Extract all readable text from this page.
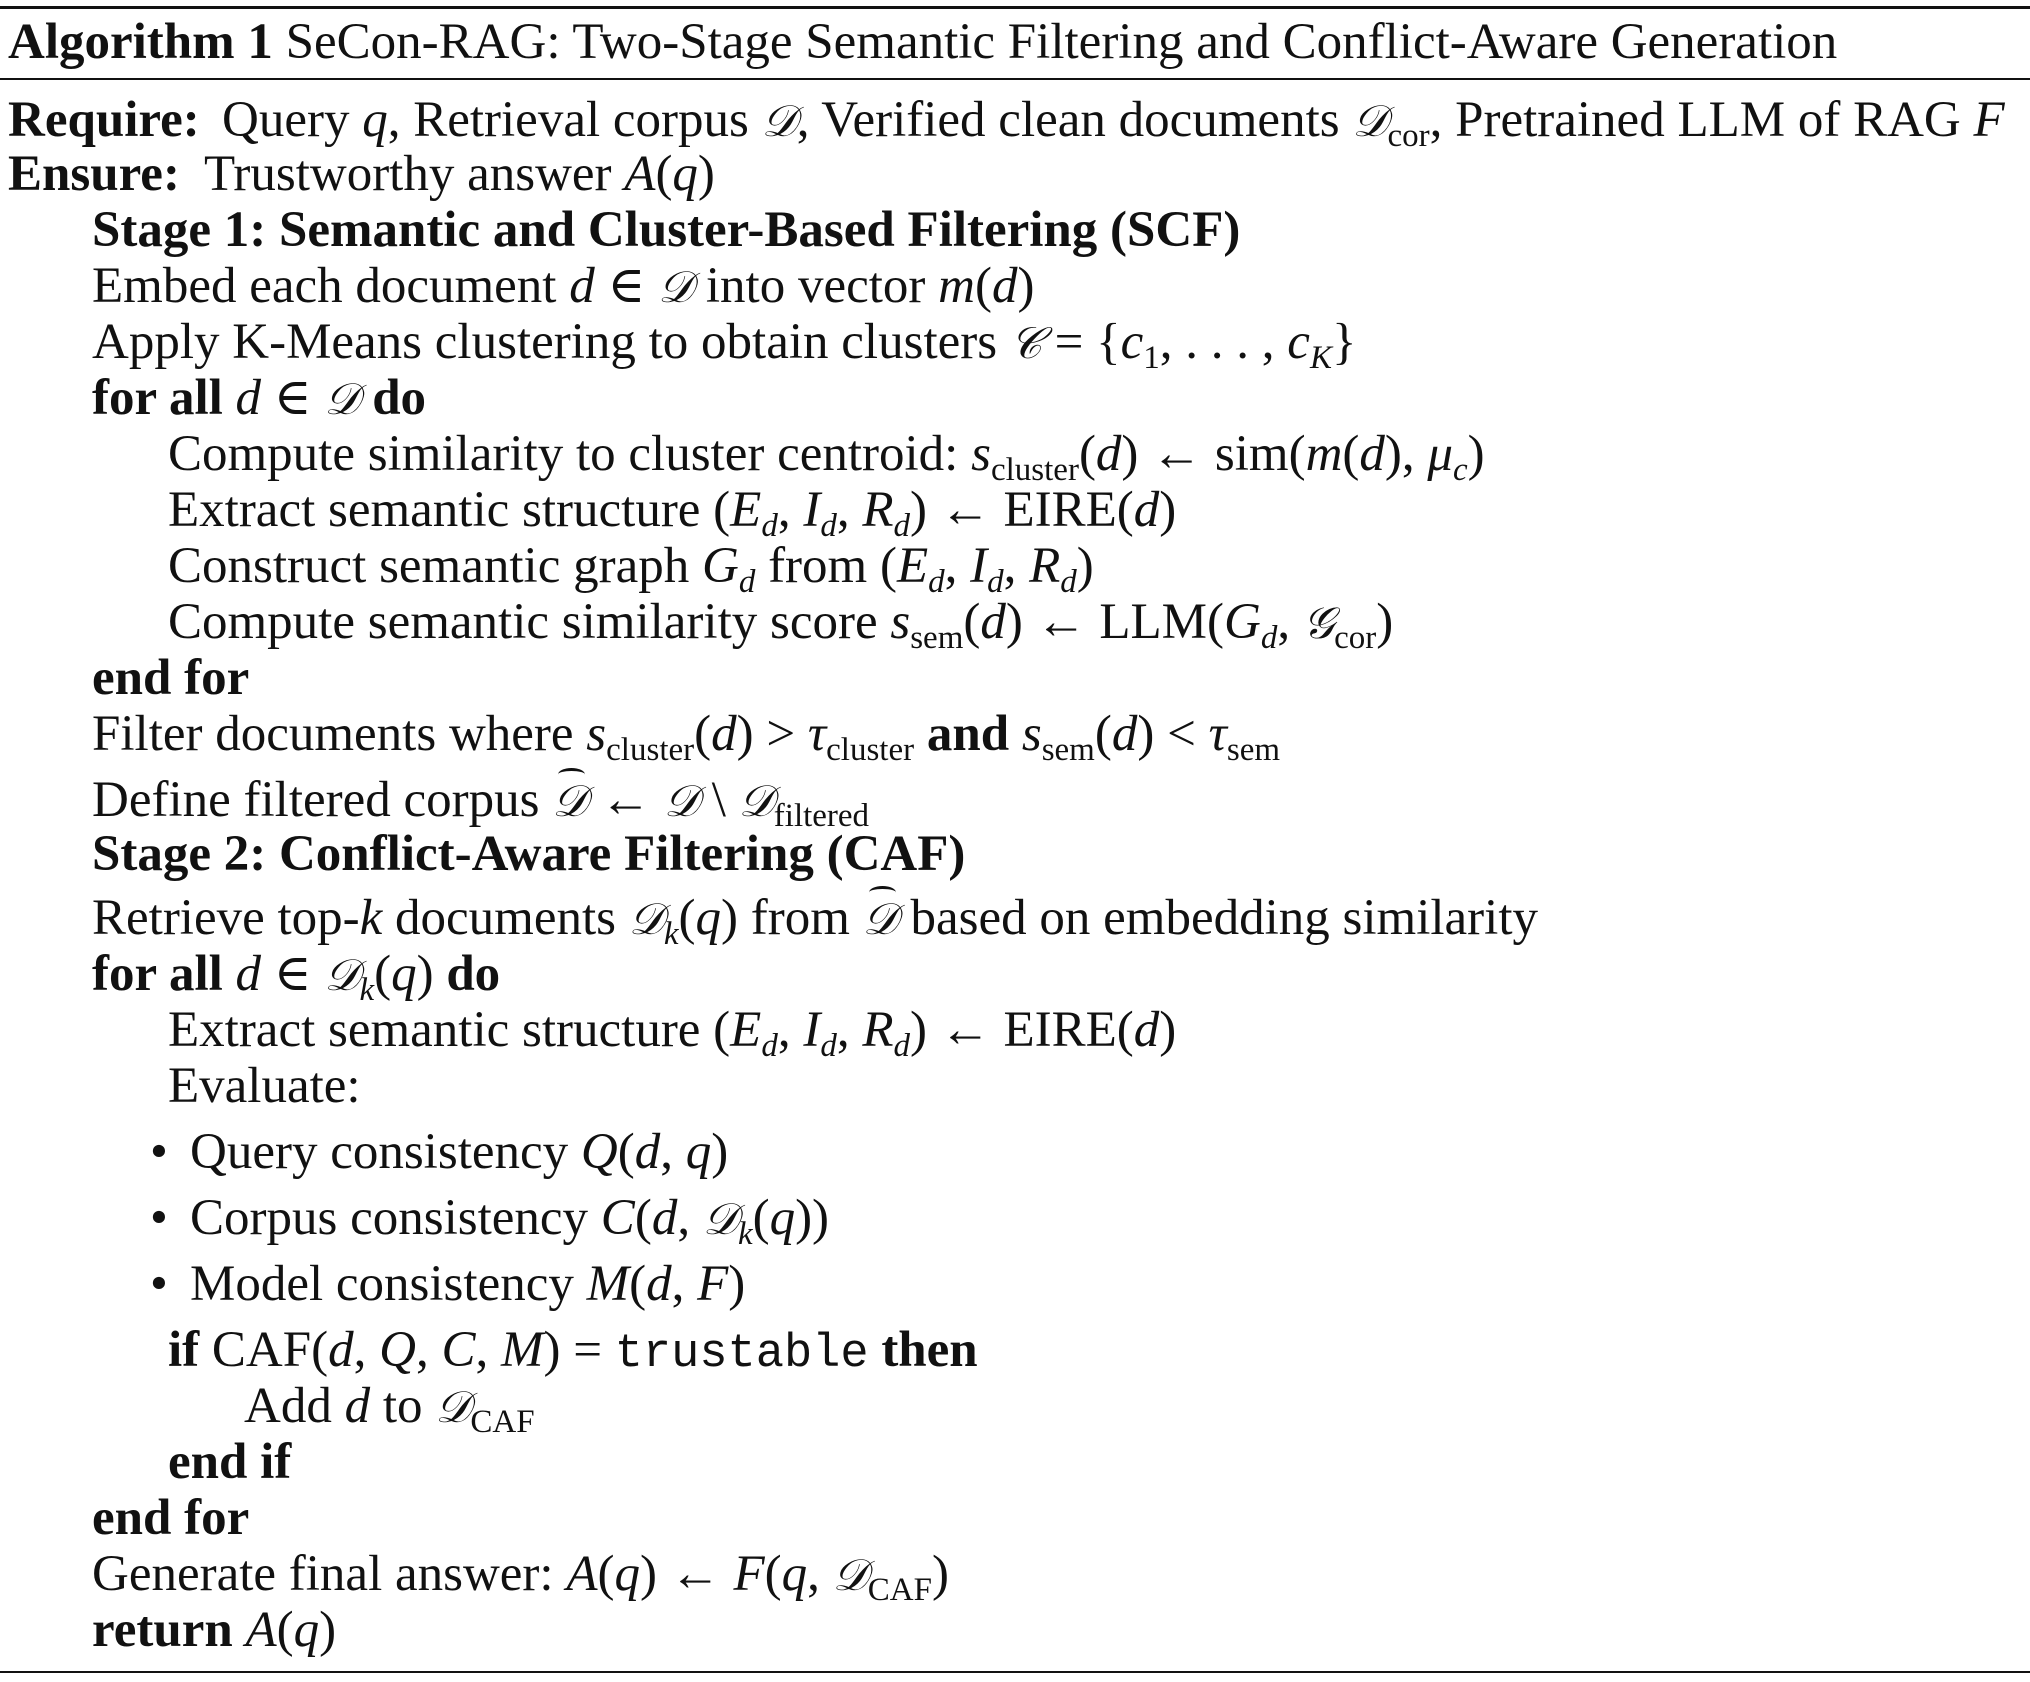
Algorithm 1 SeCon-RAG: Two-Stage Semantic Filtering and Conflict-Aware Generation
Require: Query q, Retrieval corpus 𝒟, Verified clean documents 𝒟$_{cor}$, Pretrained LLM of RAG F
Ensure: Trustworthy answer A(q)
Stage 1: Semantic and Cluster-Based Filtering (SCF)
Embed each document d ∈ 𝒟 into vector m(d)
Apply K-Means clustering to obtain clusters 𝒞 = {$c_1$, . . . , $c_K$}
for all d ∈ 𝒟 do
Compute similarity to cluster centroid: $s_{cluster}(d)$ ← sim(m(d), $\mu_c$)
Extract semantic structure ($E_d$, $I_d$, $R_d$) ← EIRE(d)
Construct semantic graph $G_d$ from ($E_d$, $I_d$, $R_d$)
Compute semantic similarity score $s_{sem}(d)$ ← $LLM(G_d$, 𝒢$_{cor}$)
end for
Filter documents where $s_{cluster}(d) > \tau_{cluster}$ and $s_{sem}(d) < \tau_{sem}$
Define filtered corpus 𝒟 ← 𝒟 \ 𝒟$_{filtered}$
Stage 2: Conflict-Aware Filtering (CAF)
Retrieve top-k documents 𝒟$_k$(q) from 𝒟 based on embedding similarity
for all d ∈ 𝒟$_k$(q) do
Extract semantic structure ($E_d$, $I_d$, $R_d$) ← EIRE(d)
Evaluate:
• Query consistency Q(d, q)
• Corpus consistency C(d, 𝒟$_k$(q))
• Model consistency M(d, F)
if CAF(d, Q, C, M) = trustable then
Add d to 𝒟$_{CAF}$
end if
end for
Generate final answer: A(q) ← F(q, 𝒟$_{CAF}$)
return A(q)
